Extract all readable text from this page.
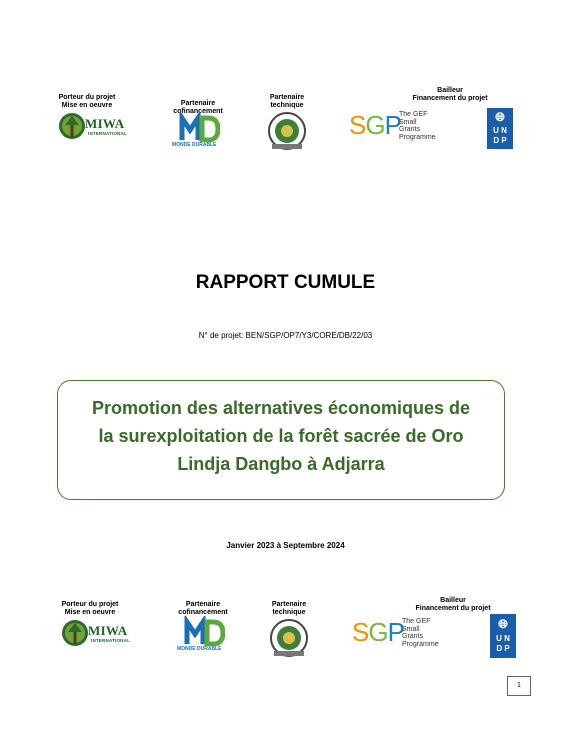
Porteur du projet
Mise en oeuvre
MIWA
INTERNATIONAL
Partenaire
cofinancement
MONDE DURABLE
Partenaire
technique
Bailleur
Financement du projet
SGP
The GEF
Small Grants
Programme
🌐︎
U N
D P
RAPPORT CUMULE
N° de projet: BEN/SGP/OP7/Y3/CORE/DB/22/03
Promotion des alternatives économiques de
la surexploitation de la forêt sacrée de Oro
Lindja Dangbo à Adjarra
Janvier 2023 à Septembre 2024
Porteur du projet
Mise en oeuvre
MIWA
INTERNATIONAL
Partenaire
cofinancement
MONDE DURABLE
Partenaire
technique
Bailleur
Financement du projet
SGP
The GEF
Small Grants
Programme
🌐︎
U N
D P
1
